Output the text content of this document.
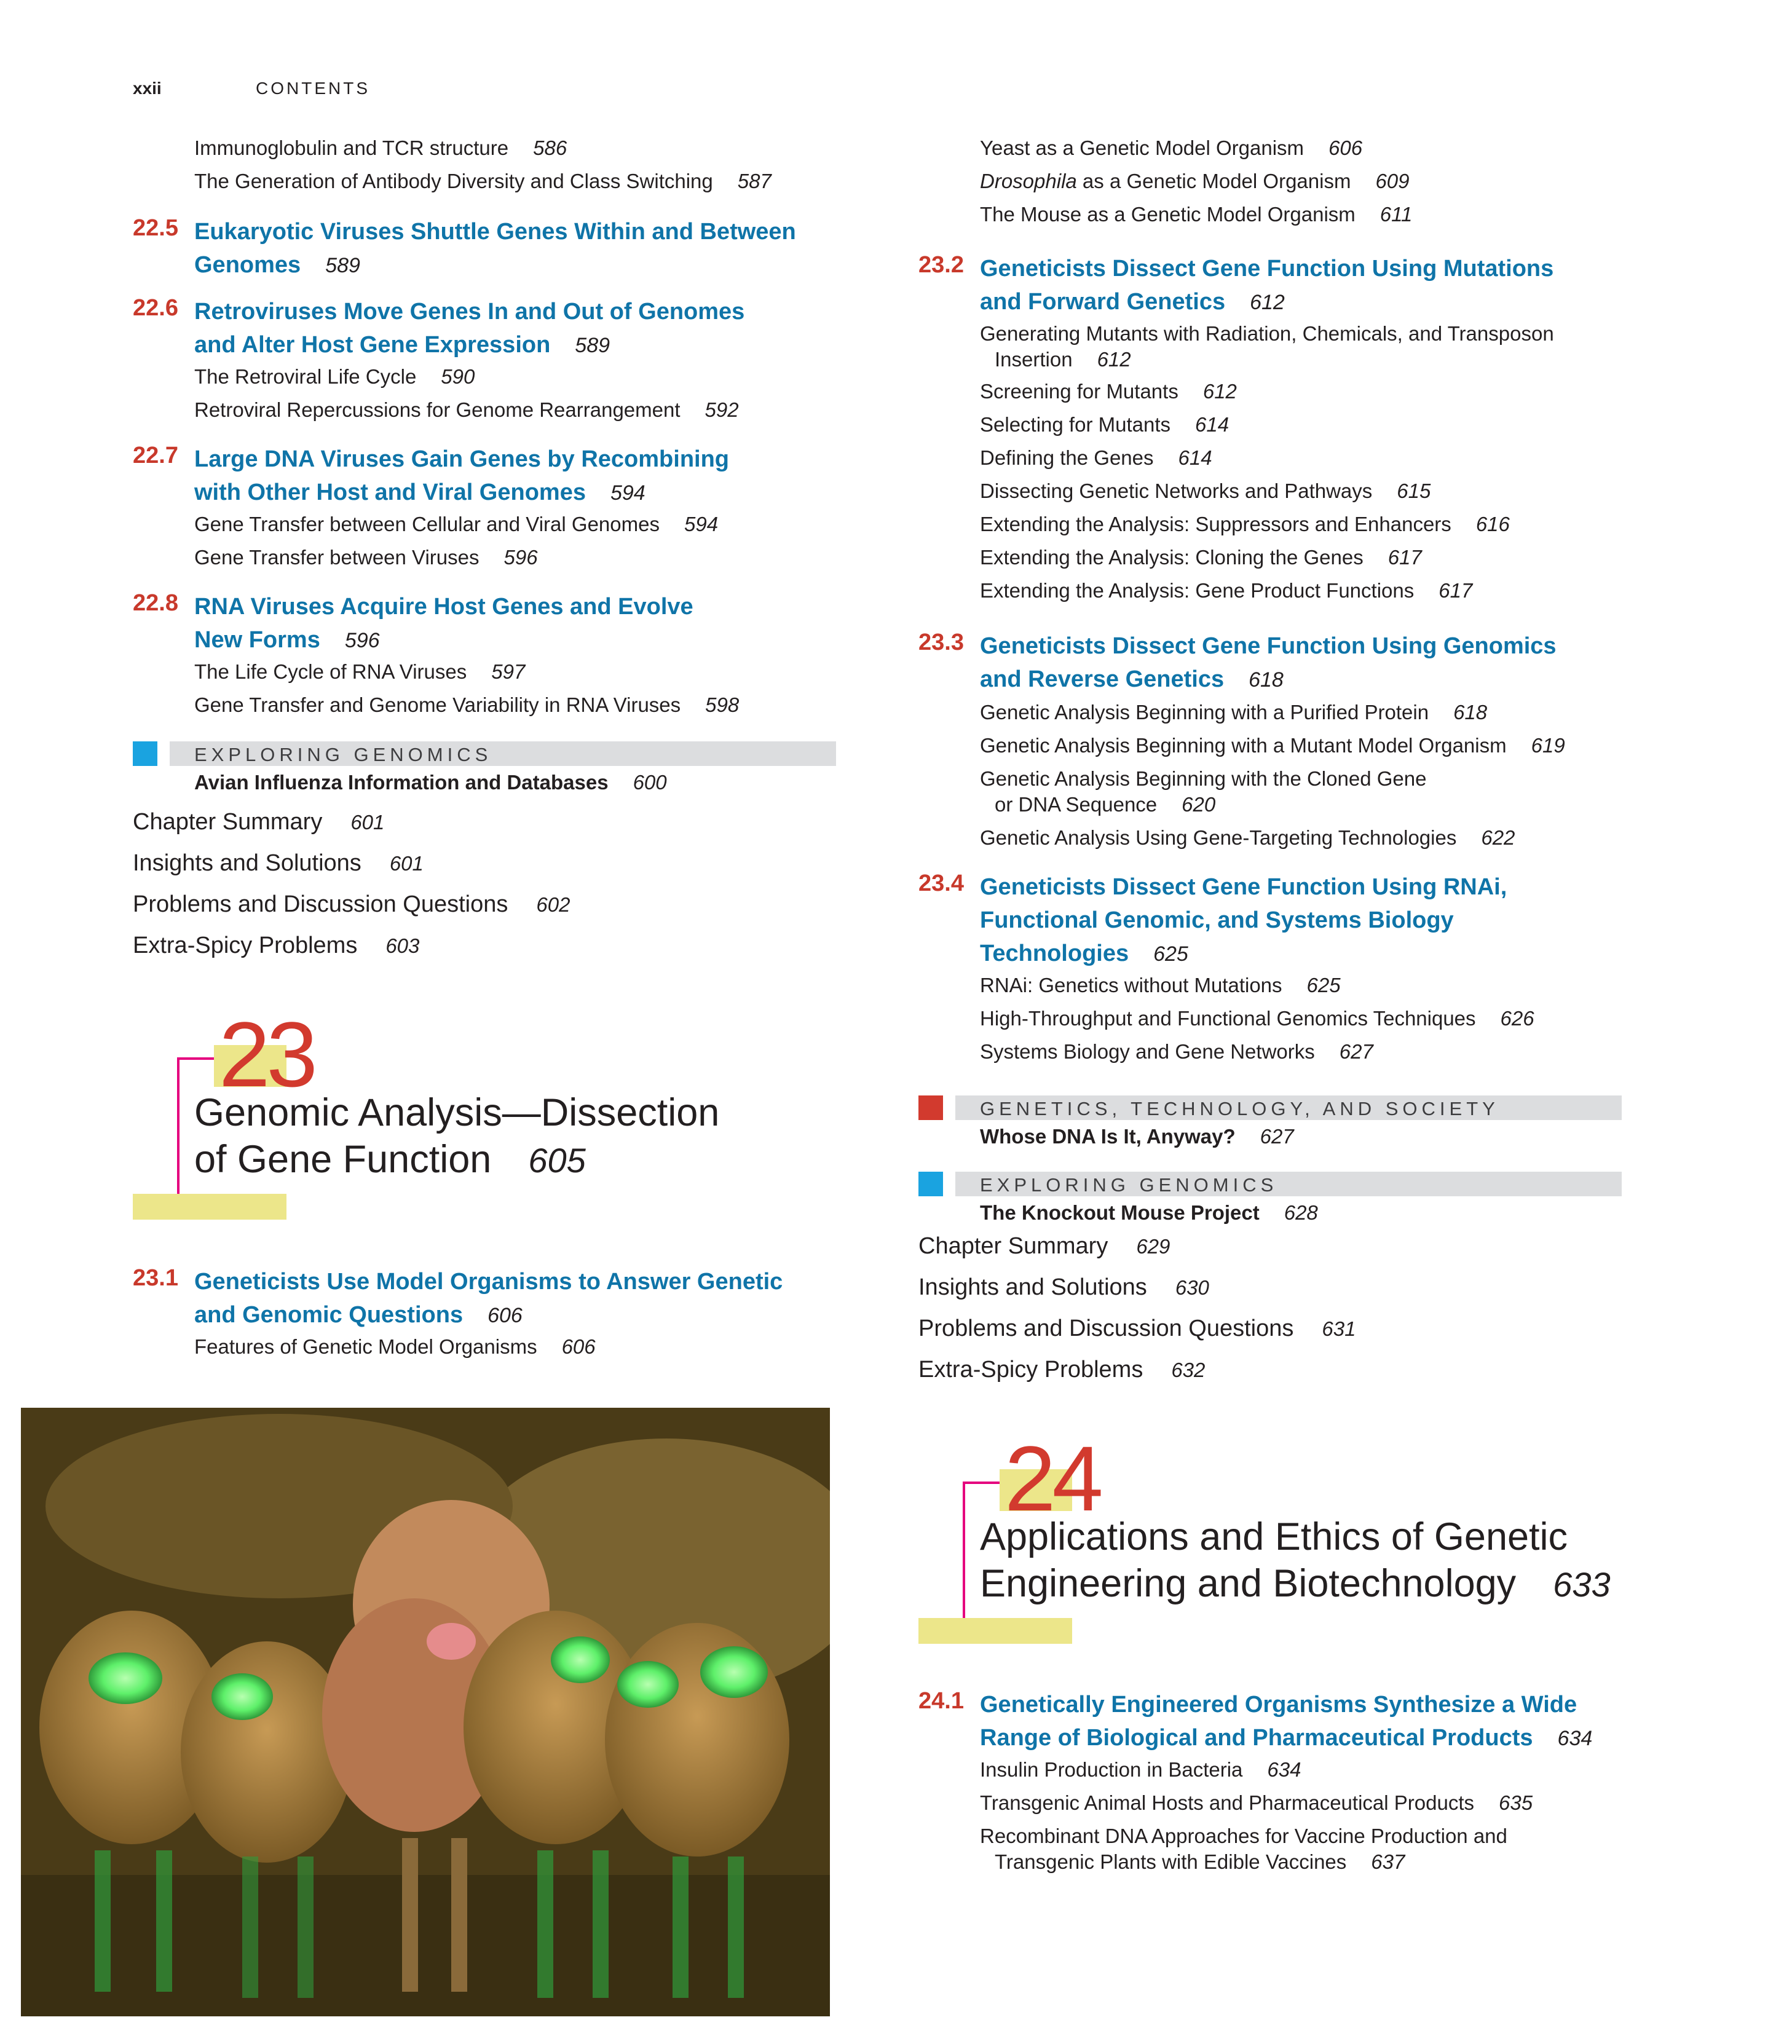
xxii	CONTENTS
Immunoglobulin and TCR structure 586
The Generation of Antibody Diversity and Class Switching 587
22.5 Eukaryotic Viruses Shuttle Genes Within and Between
Genomes 589
22.6 Retroviruses Move Genes In and Out of Genomes
and Alter Host Gene Expression 589
The Retroviral Life Cycle 590
Retroviral Repercussions for Genome Rearrangement 592
22.7 Large DNA Viruses Gain Genes by Recombining
with Other Host and Viral Genomes 594
Gene Transfer between Cellular and Viral Genomes 594
Gene Transfer between Viruses 596
22.8 RNA Viruses Acquire Host Genes and Evolve
New Forms 596
The Life Cycle of RNA Viruses 597
Gene Transfer and Genome Variability in RNA Viruses 598
EXPLORING GENOMICS
Avian Influenza Information and Databases 600
Chapter Summary 601
Insights and Solutions 601
Problems and Discussion Questions 602
Extra-Spicy Problems 603
23
Genomic Analysis—Dissection
of Gene Function 605
23.1 Geneticists Use Model Organisms to Answer Genetic
and Genomic Questions 606
Features of Genetic Model Organisms 606
Yeast as a Genetic Model Organism 606
Drosophila as a Genetic Model Organism 609
The Mouse as a Genetic Model Organism 611
23.2 Geneticists Dissect Gene Function Using Mutations
and Forward Genetics 612
Generating Mutants with Radiation, Chemicals, and Transposon
Insertion 612
Screening for Mutants 612
Selecting for Mutants 614
Defining the Genes 614
Dissecting Genetic Networks and Pathways 615
Extending the Analysis: Suppressors and Enhancers 616
Extending the Analysis: Cloning the Genes 617
Extending the Analysis: Gene Product Functions 617
23.3 Geneticists Dissect Gene Function Using Genomics
and Reverse Genetics 618
Genetic Analysis Beginning with a Purified Protein 618
Genetic Analysis Beginning with a Mutant Model Organism 619
Genetic Analysis Beginning with the Cloned Gene
or DNA Sequence 620
Genetic Analysis Using Gene-Targeting Technologies 622
23.4 Geneticists Dissect Gene Function Using RNAi,
Functional Genomic, and Systems Biology
Technologies 625
RNAi: Genetics without Mutations 625
High-Throughput and Functional Genomics Techniques 626
Systems Biology and Gene Networks 627
GENETICS, TECHNOLOGY, AND SOCIETY
Whose DNA Is It, Anyway? 627
EXPLORING GENOMICS
The Knockout Mouse Project 628
Chapter Summary 629
Insights and Solutions 630
Problems and Discussion Questions 631
Extra-Spicy Problems 632
24
Applications and Ethics of Genetic
Engineering and Biotechnology 633
24.1 Genetically Engineered Organisms Synthesize a Wide
Range of Biological and Pharmaceutical Products 634
Insulin Production in Bacteria 634
Transgenic Animal Hosts and Pharmaceutical Products 635
Recombinant DNA Approaches for Vaccine Production and
Transgenic Plants with Edible Vaccines 637
